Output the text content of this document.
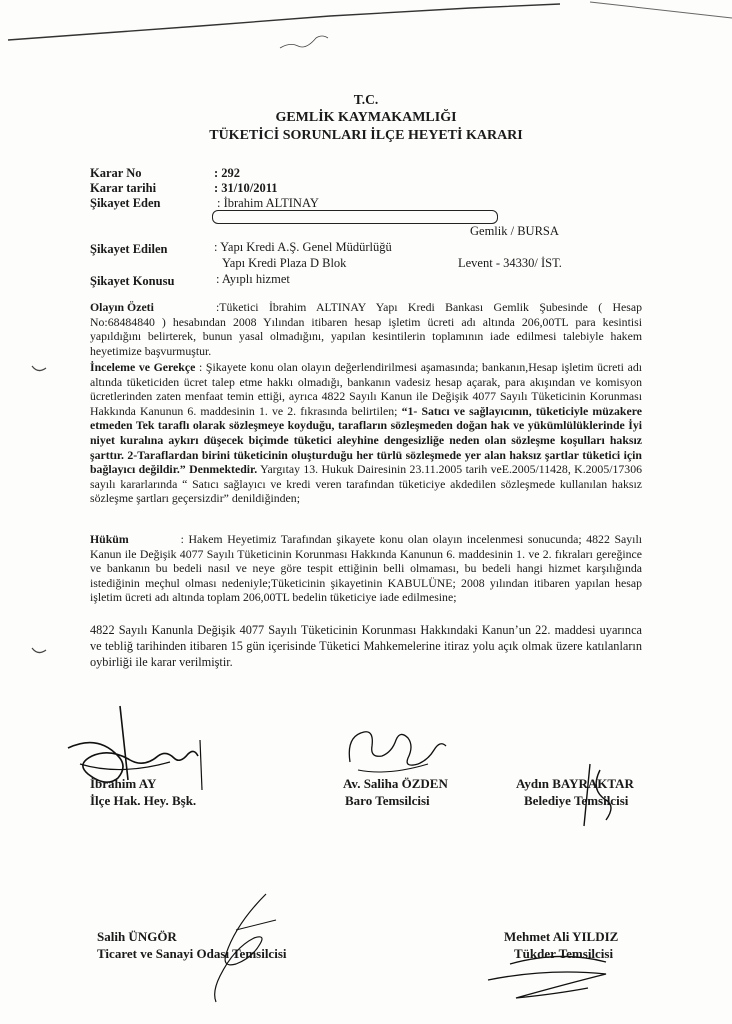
T.C.
GEMLİK KAYMAKAMLIĞI
TÜKETİCİ SORUNLARI İLÇE HEYETİ KARARI
Karar No	: 292
Karar tarihi	: 31/10/2011
Şikayet Eden	: İbrahim ALTINAY
Gemlik / BURSA
Şikayet Edilen	: Yapı Kredi A.Ş. Genel Müdürlüğü
Yapı Kredi Plaza D Blok	Levent - 34330/ İST.
Şikayet Konusu	: Ayıplı hizmet
Olayın Özeti	:Tüketici İbrahim ALTINAY Yapı Kredi Bankası Gemlik Şubesinde ( Hesap No:68484840 ) hesabından 2008 Yılından itibaren hesap işletim ücreti adı altında 206,00TL para kesintisi yapıldığını belirterek, bunun yasal olmadığını, yapılan kesintilerin toplamının iade edilmesi talebiyle hakem heyetimize başvurmuştur.
İnceleme ve Gerekçe : Şikayete konu olan olayın değerlendirilmesi aşamasında; bankanın,Hesap işletim ücreti adı altında tüketiciden ücret talep etme hakkı olmadığı, bankanın vadesiz hesap açarak, para akışından ve komisyon ücretlerinden zaten menfaat temin ettiği, ayrıca 4822 Sayılı Kanun ile Değişik 4077 Sayılı Tüketicinin Korunması Hakkında Kanunun 6. maddesinin 1. ve 2. fıkrasında belirtilen; “1- Satıcı ve sağlayıcının, tüketiciyle müzakere etmeden Tek taraflı olarak sözleşmeye koyduğu, tarafların sözleşmeden doğan hak ve yükümlülüklerinde İyi niyet kuralına aykırı düşecek biçimde tüketici aleyhine dengesizliğe neden olan sözleşme koşulları haksız şarttır. 2-Taraflardan birini tüketicinin oluşturduğu her türlü sözleşmede yer alan haksız şartlar tüketici için bağlayıcı değildir.” Denmektedir. Yargıtay 13. Hukuk Dairesinin 23.11.2005 tarih veE.2005/11428, K.2005/17306 sayılı kararlarında “ Satıcı sağlayıcı ve kredi veren tarafından tüketiciye akdedilen sözleşmede kullanılan haksız sözleşme şartları geçersizdir” denildiğinden;
Hüküm	: Hakem Heyetimiz Tarafından şikayete konu olan olayın incelenmesi sonucunda; 4822 Sayılı Kanun ile Değişik 4077 Sayılı Tüketicinin Korunması Hakkında Kanunun 6. maddesinin 1. ve 2. fıkraları gereğince ve bankanın bu bedeli nasıl ve neye göre tespit ettiğinin belli olmaması, bu bedeli hangi hizmet karşılığında istediğinin meçhul olması nedeniyle;Tüketicinin şikayetinin KABULÜNE; 2008 yılından itibaren yapılan hesap işletim ücreti adı altında toplam 206,00TL bedelin tüketiciye iade edilmesine;
4822 Sayılı Kanunla Değişik 4077 Sayılı Tüketicinin Korunması Hakkındaki Kanun’un 22. maddesi uyarınca ve tebliğ tarihinden itibaren 15 gün içerisinde Tüketici Mahkemelerine itiraz yolu açık olmak üzere katılanların oybirliği ile karar verilmiştir.
İbrahim AY
İlçe Hak. Hey. Bşk.
Av. Saliha ÖZDEN
Baro Temsilcisi
Aydın BAYRAKTAR
Belediye Temsilcisi
Salih ÜNGÖR
Ticaret ve Sanayi Odası Temsilcisi
Mehmet Ali YILDIZ
Tükder Temsilcisi
